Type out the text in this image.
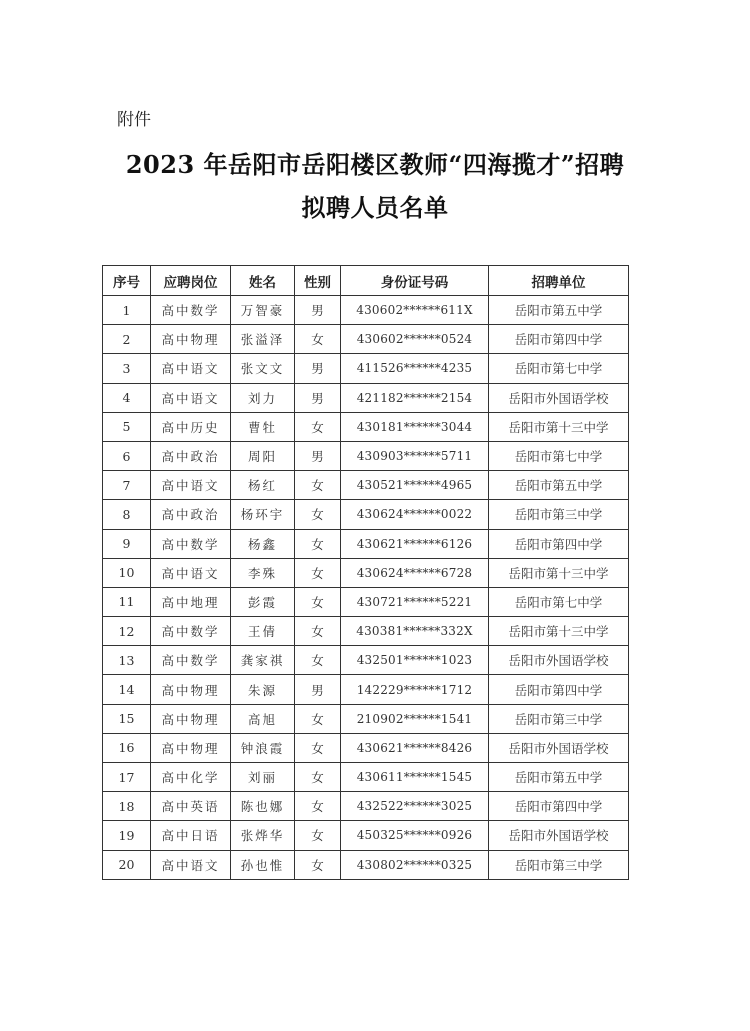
附件
2023 年岳阳市岳阳楼区教师“四海揽才”招聘
拟聘人员名单
序号	应聘岗位	姓名	性别	身份证号码	招聘单位
1	高中数学	万智豪	男	430602******611X	岳阳市第五中学
2	高中物理	张溢泽	女	430602******0524	岳阳市第四中学
3	高中语文	张文文	男	411526******4235	岳阳市第七中学
4	高中语文	刘力	男	421182******2154	岳阳市外国语学校
5	高中历史	曹牡	女	430181******3044	岳阳市第十三中学
6	高中政治	周阳	男	430903******5711	岳阳市第七中学
7	高中语文	杨红	女	430521******4965	岳阳市第五中学
8	高中政治	杨环宇	女	430624******0022	岳阳市第三中学
9	高中数学	杨鑫	女	430621******6126	岳阳市第四中学
10	高中语文	李殊	女	430624******6728	岳阳市第十三中学
11	高中地理	彭霞	女	430721******5221	岳阳市第七中学
12	高中数学	王倩	女	430381******332X	岳阳市第十三中学
13	高中数学	龚家祺	女	432501******1023	岳阳市外国语学校
14	高中物理	朱源	男	142229******1712	岳阳市第四中学
15	高中物理	高旭	女	210902******1541	岳阳市第三中学
16	高中物理	钟浪霞	女	430621******8426	岳阳市外国语学校
17	高中化学	刘丽	女	430611******1545	岳阳市第五中学
18	高中英语	陈也娜	女	432522******3025	岳阳市第四中学
19	高中日语	张烨华	女	450325******0926	岳阳市外国语学校
20	高中语文	孙也惟	女	430802******0325	岳阳市第三中学
